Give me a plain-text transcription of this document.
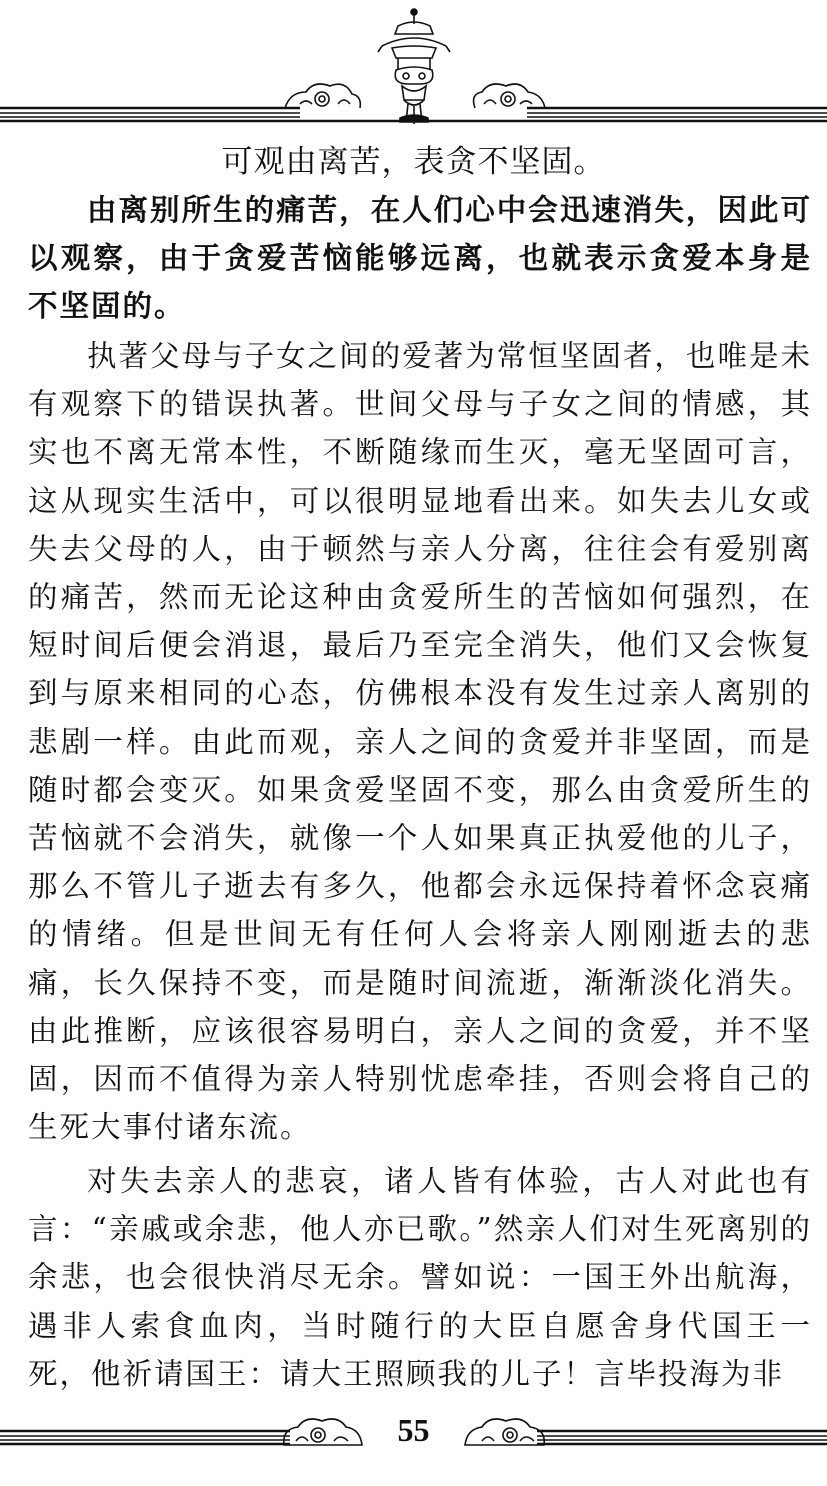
可观由离苦，表贪不坚固。
由离别所生的痛苦，在人们心中会迅速消失，因此可以观察，由于贪爱苦恼能够远离，也就表示贪爱本身是不坚固的。
执著父母与子女之间的爱著为常恒坚固者，也唯是未有观察下的错误执著。世间父母与子女之间的情感，其实也不离无常本性，不断随缘而生灭，毫无坚固可言，这从现实生活中，可以很明显地看出来。如失去儿女或失去父母的人，由于顿然与亲人分离，往往会有爱别离的痛苦，然而无论这种由贪爱所生的苦恼如何强烈，在短时间后便会消退，最后乃至完全消失，他们又会恢复到与原来相同的心态，仿佛根本没有发生过亲人离别的悲剧一样。由此而观，亲人之间的贪爱并非坚固，而是随时都会变灭。如果贪爱坚固不变，那么由贪爱所生的苦恼就不会消失，就像一个人如果真正执爱他的儿子，那么不管儿子逝去有多久，他都会永远保持着怀念哀痛的情绪。但是世间无有任何人会将亲人刚刚逝去的悲痛，长久保持不变，而是随时间流逝，渐渐淡化消失。由此推断，应该很容易明白，亲人之间的贪爱，并不坚固，因而不值得为亲人特别忧虑牵挂，否则会将自己的生死大事付诸东流。
对失去亲人的悲哀，诸人皆有体验，古人对此也有言：“亲戚或余悲，他人亦已歌。”然亲人们对生死离别的余悲，也会很快消尽无余。譬如说：一国王外出航海，遇非人索食血肉，当时随行的大臣自愿舍身代国王一死，他祈请国王：请大王照顾我的儿子！言毕投海为非
55
